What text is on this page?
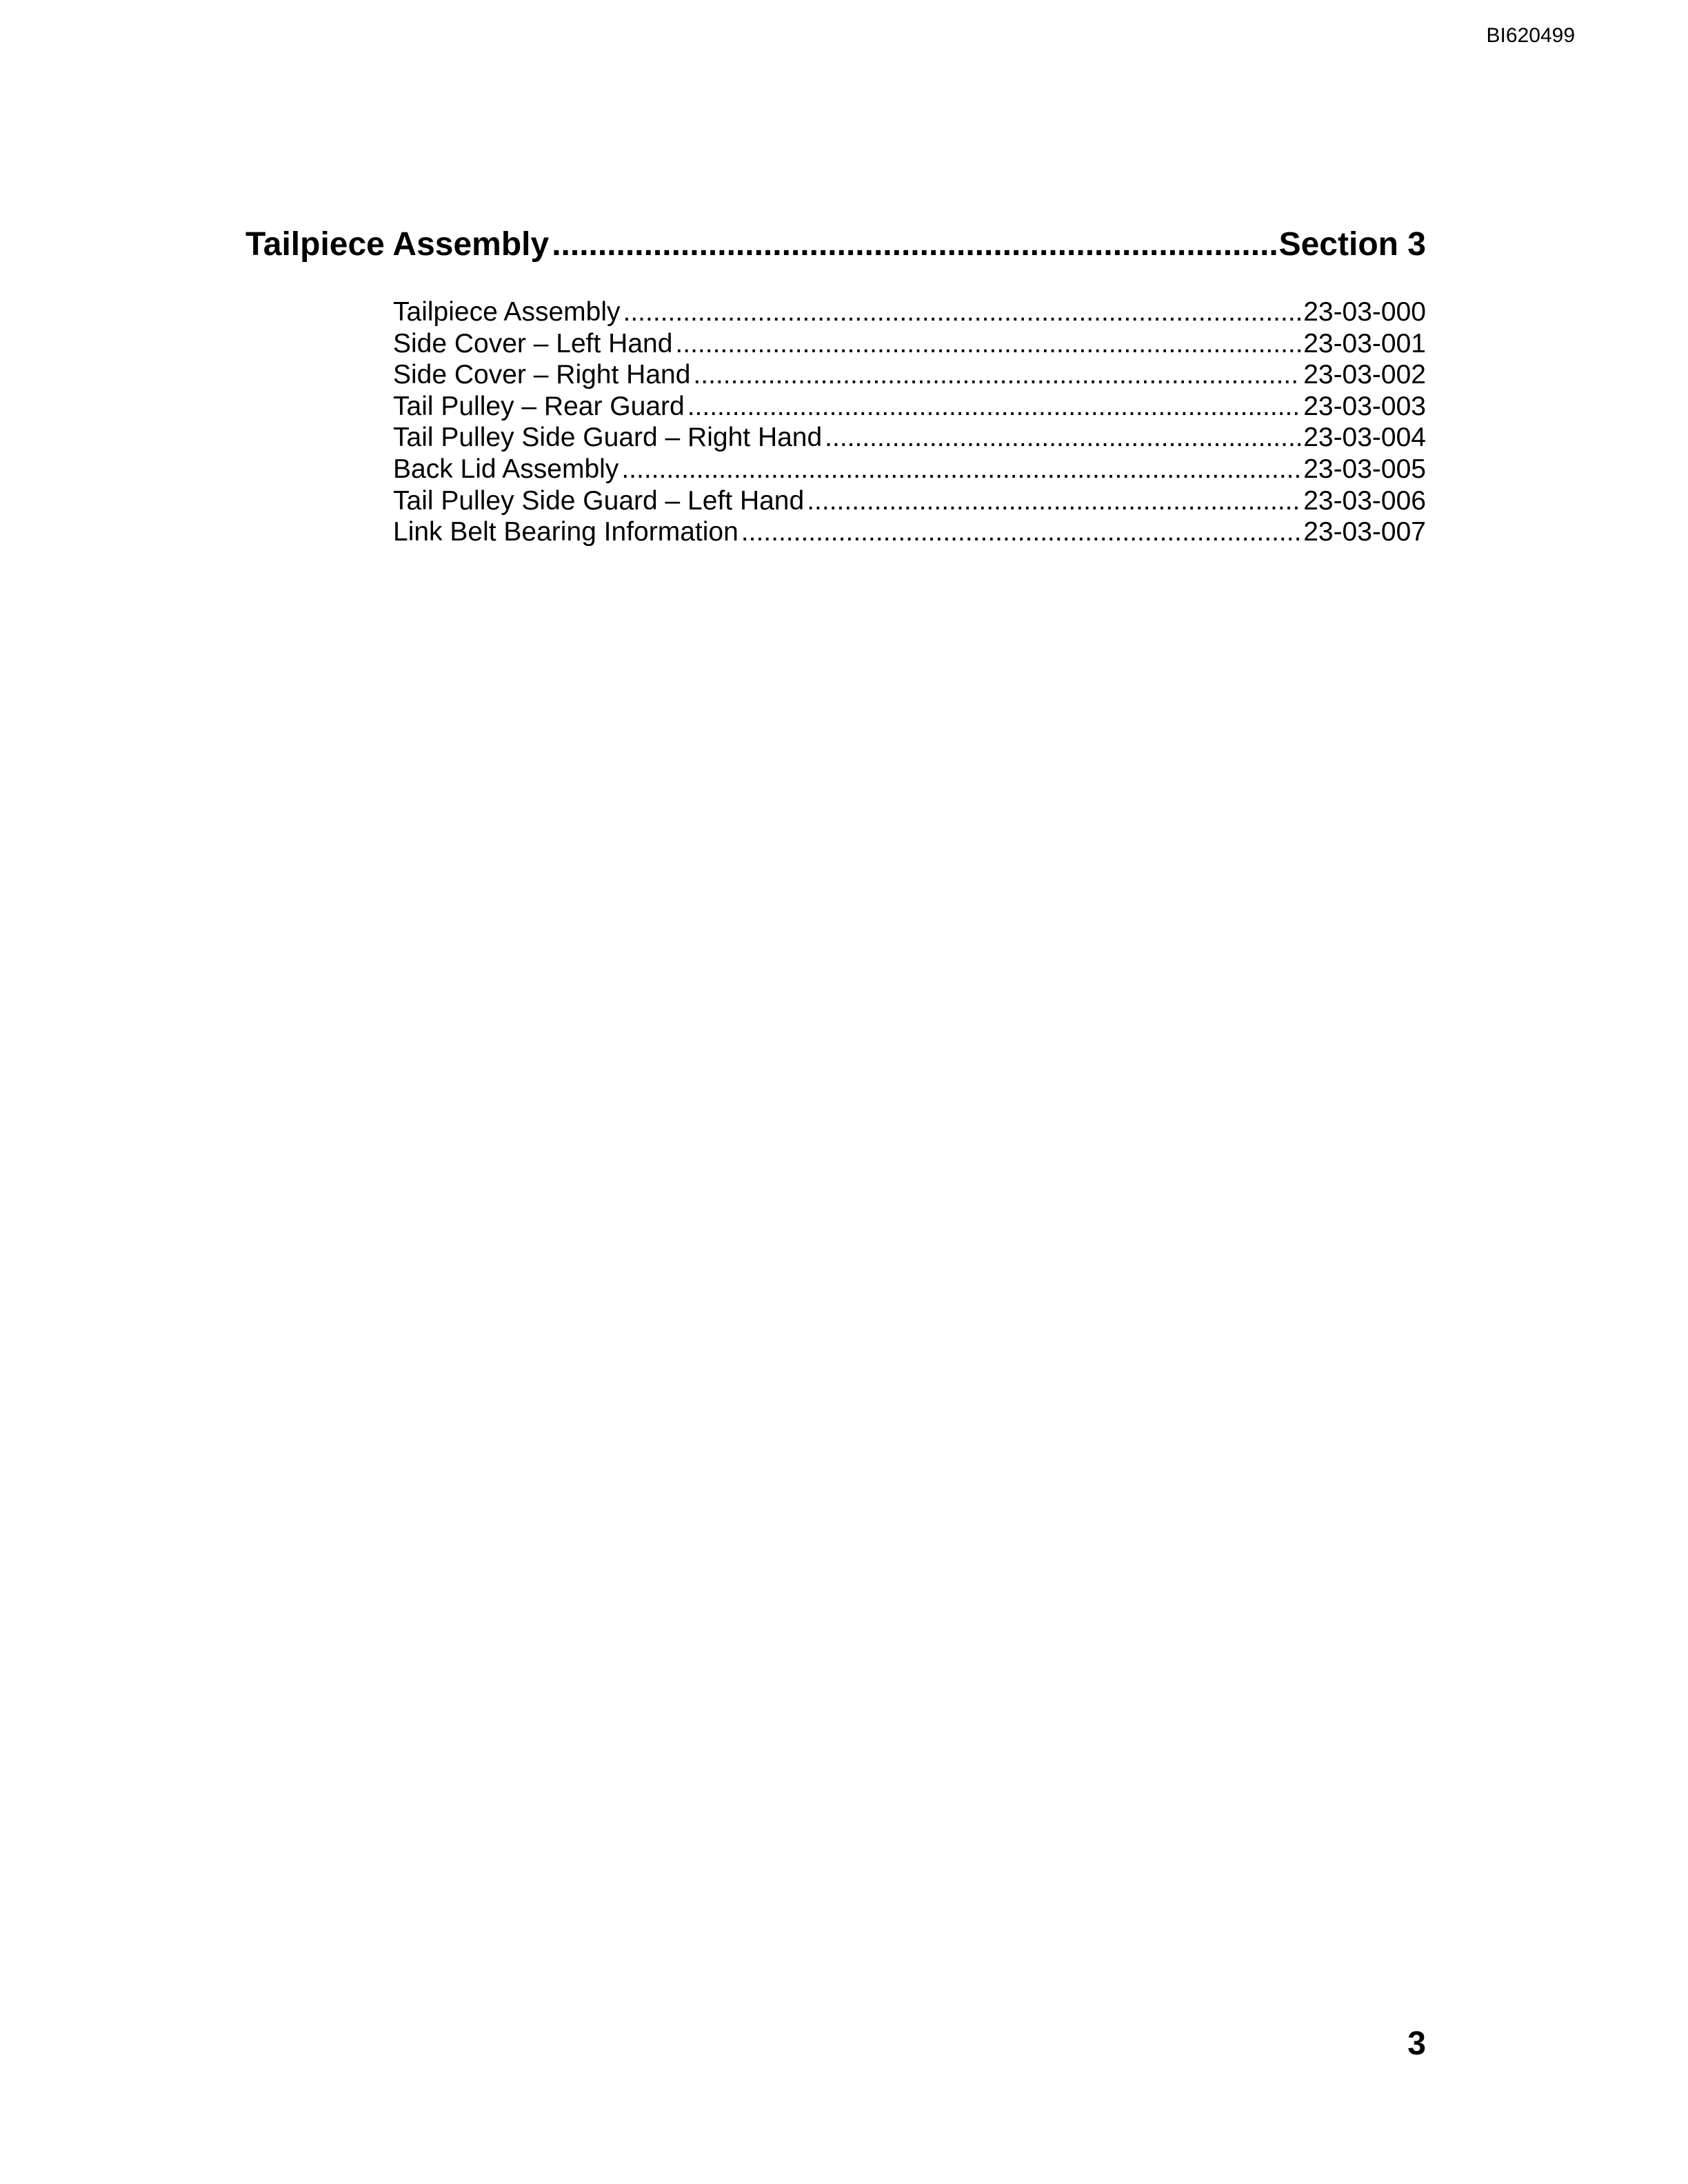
BI620499
Tailpiece Assembly .....	Section 3
Tailpiece Assembly .....	23-03-000
Side Cover – Left Hand .....	23-03-001
Side Cover – Right Hand .....	23-03-002
Tail Pulley – Rear Guard .....	23-03-003
Tail Pulley Side Guard – Right Hand .....	23-03-004
Back Lid Assembly .....	23-03-005
Tail Pulley Side Guard – Left Hand .....	23-03-006
Link Belt Bearing Information .....	23-03-007
3
